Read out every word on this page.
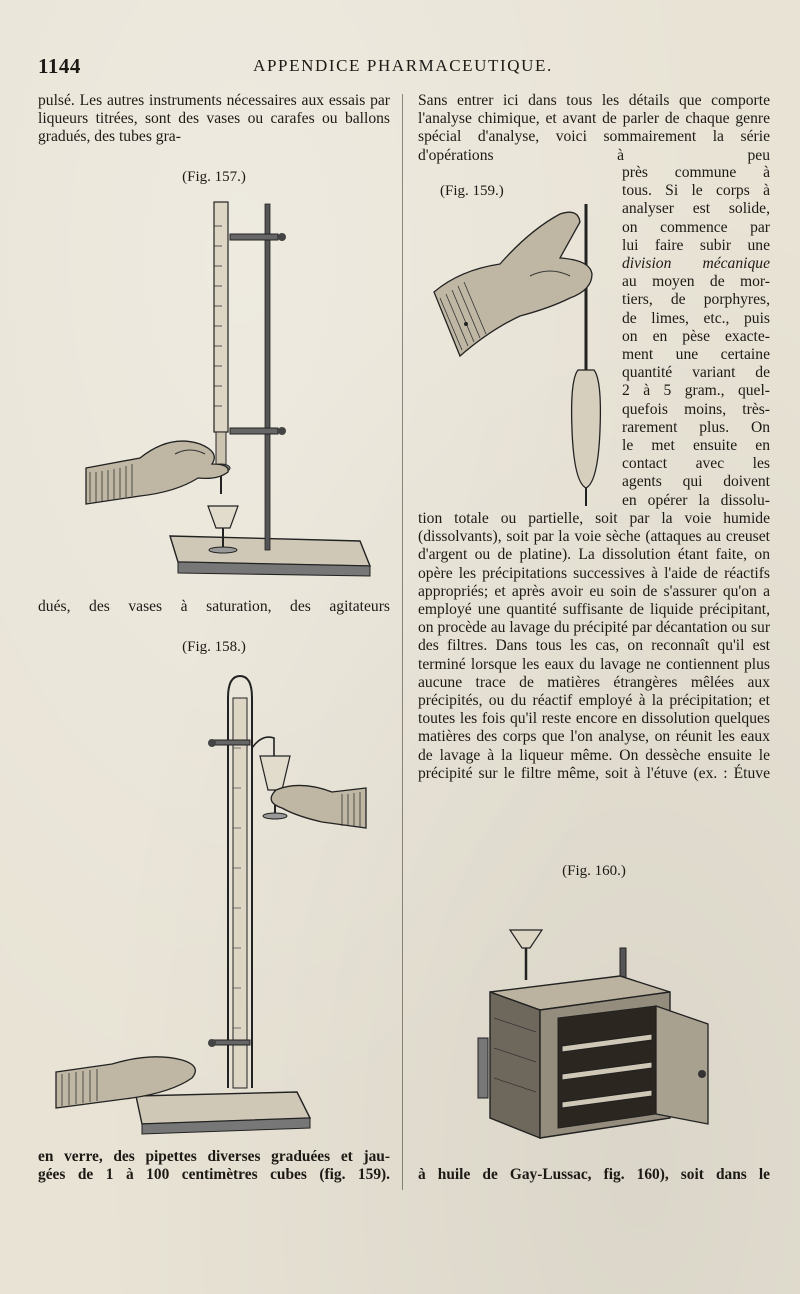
1144	APPENDICE PHARMACEUTIQUE.

pulsé. Les autres instruments nécessaires aux essais par liqueurs titrées, sont des vases ou carafes ou ballons gradués, des tubes gra-

(Fig. 157.)

dués, des vases à saturation, des agitateurs

(Fig. 158.)
en verre, des pipettes diverses graduées et jau-
gées de 1 à 100 centimètres cubes (fig. 159).

Sans entrer ici dans tous les détails que comporte l'analyse chimique, et avant de parler de chaque genre spécial d'analyse, voici sommairement la série d'opérations à peu

(Fig. 159.)
près commune à
tous. Si le corps à
analyser est solide,
on commence par
lui faire subir une
division mécanique
au moyen de mor-
tiers, de porphyres,
de limes, etc., puis
on en pèse exacte-
ment une certaine
quantité variant de
2 à 5 gram., quel-
quefois moins, très-
rarement plus. On
le met ensuite en
contact avec les
agents qui doivent
en opérer la dissolu-

tion totale ou partielle, soit par la voie humide (dissolvants), soit par la voie sèche (attaques au creuset d'argent ou de platine). La dissolution étant faite, on opère les précipitations successives à l'aide de réactifs appropriés; et après avoir eu soin de s'assurer qu'on a employé une quantité suffisante de liquide précipitant, on procède au lavage du précipité par décantation ou sur des filtres. Dans tous les cas, on reconnaît qu'il est terminé lorsque les eaux du lavage ne contiennent plus aucune trace de matières étrangères mêlées aux précipités, ou du réactif employé à la précipitation; et toutes les fois qu'il reste encore en dissolution quelques matières des corps que l'on analyse, on réunit les eaux de lavage à la liqueur même. On dessèche ensuite le précipité sur le filtre même, soit à l'étuve (ex. : Étuve

(Fig. 160.)
à huile de Gay-Lussac, fig. 160), soit dans le
